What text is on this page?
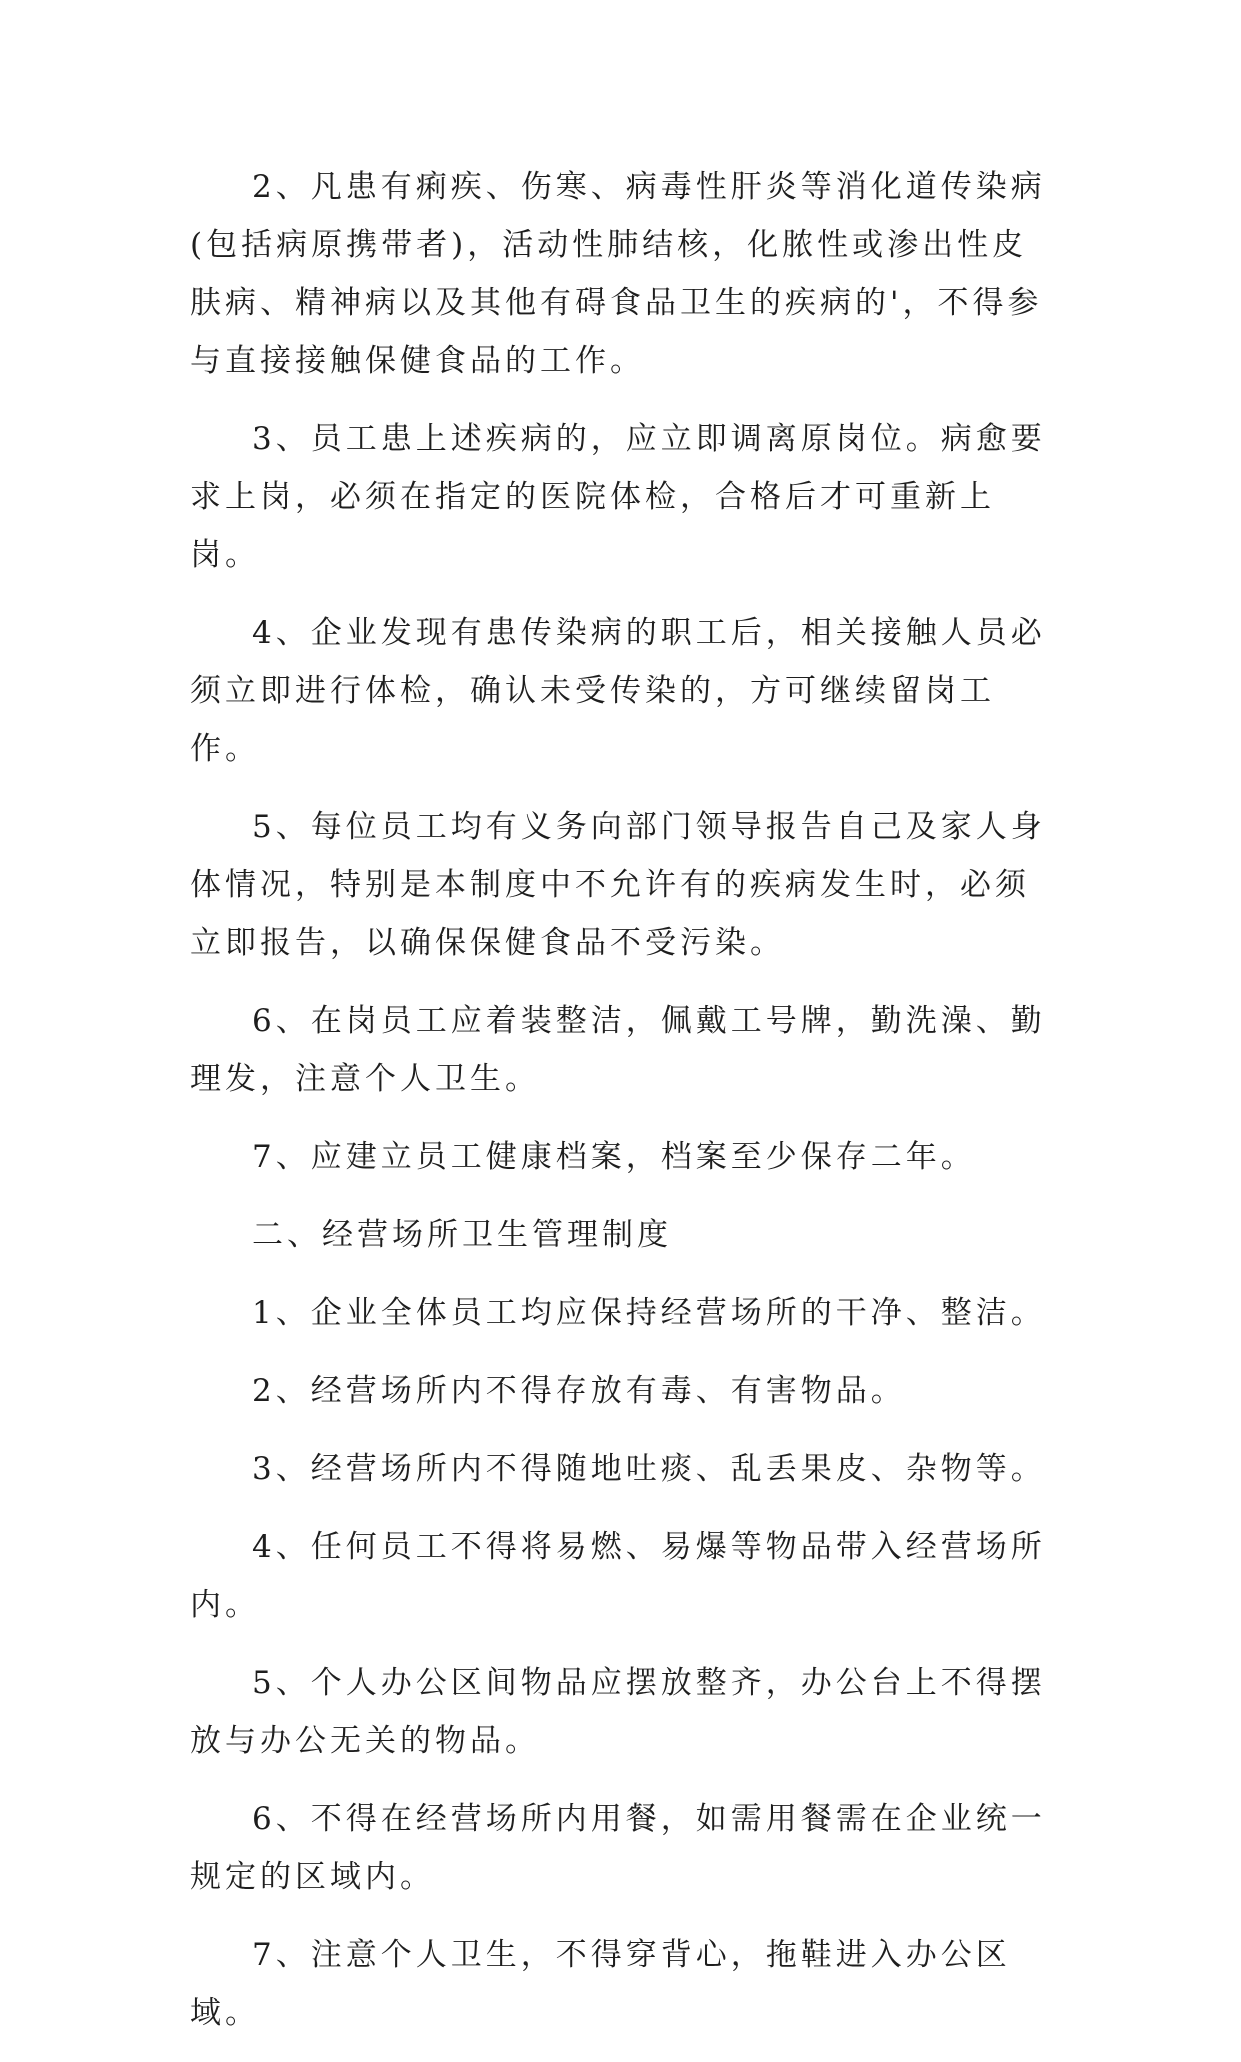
2、凡患有痢疾、伤寒、病毒性肝炎等消化道传染病(包括病原携带者)，活动性肺结核，化脓性或渗出性皮肤病、精神病以及其他有碍食品卫生的疾病的'，不得参与直接接触保健食品的工作。

3、员工患上述疾病的，应立即调离原岗位。病愈要求上岗，必须在指定的医院体检，合格后才可重新上岗。

4、企业发现有患传染病的职工后，相关接触人员必须立即进行体检，确认未受传染的，方可继续留岗工作。

5、每位员工均有义务向部门领导报告自己及家人身体情况，特别是本制度中不允许有的疾病发生时，必须立即报告，以确保保健食品不受污染。

6、在岗员工应着装整洁，佩戴工号牌，勤洗澡、勤理发，注意个人卫生。

7、应建立员工健康档案，档案至少保存二年。

二、经营场所卫生管理制度

1、企业全体员工均应保持经营场所的干净、整洁。

2、经营场所内不得存放有毒、有害物品。

3、经营场所内不得随地吐痰、乱丢果皮、杂物等。

4、任何员工不得将易燃、易爆等物品带入经营场所内。

5、个人办公区间物品应摆放整齐，办公台上不得摆放与办公无关的物品。

6、不得在经营场所内用餐，如需用餐需在企业统一规定的区域内。

7、注意个人卫生，不得穿背心，拖鞋进入办公区域。
